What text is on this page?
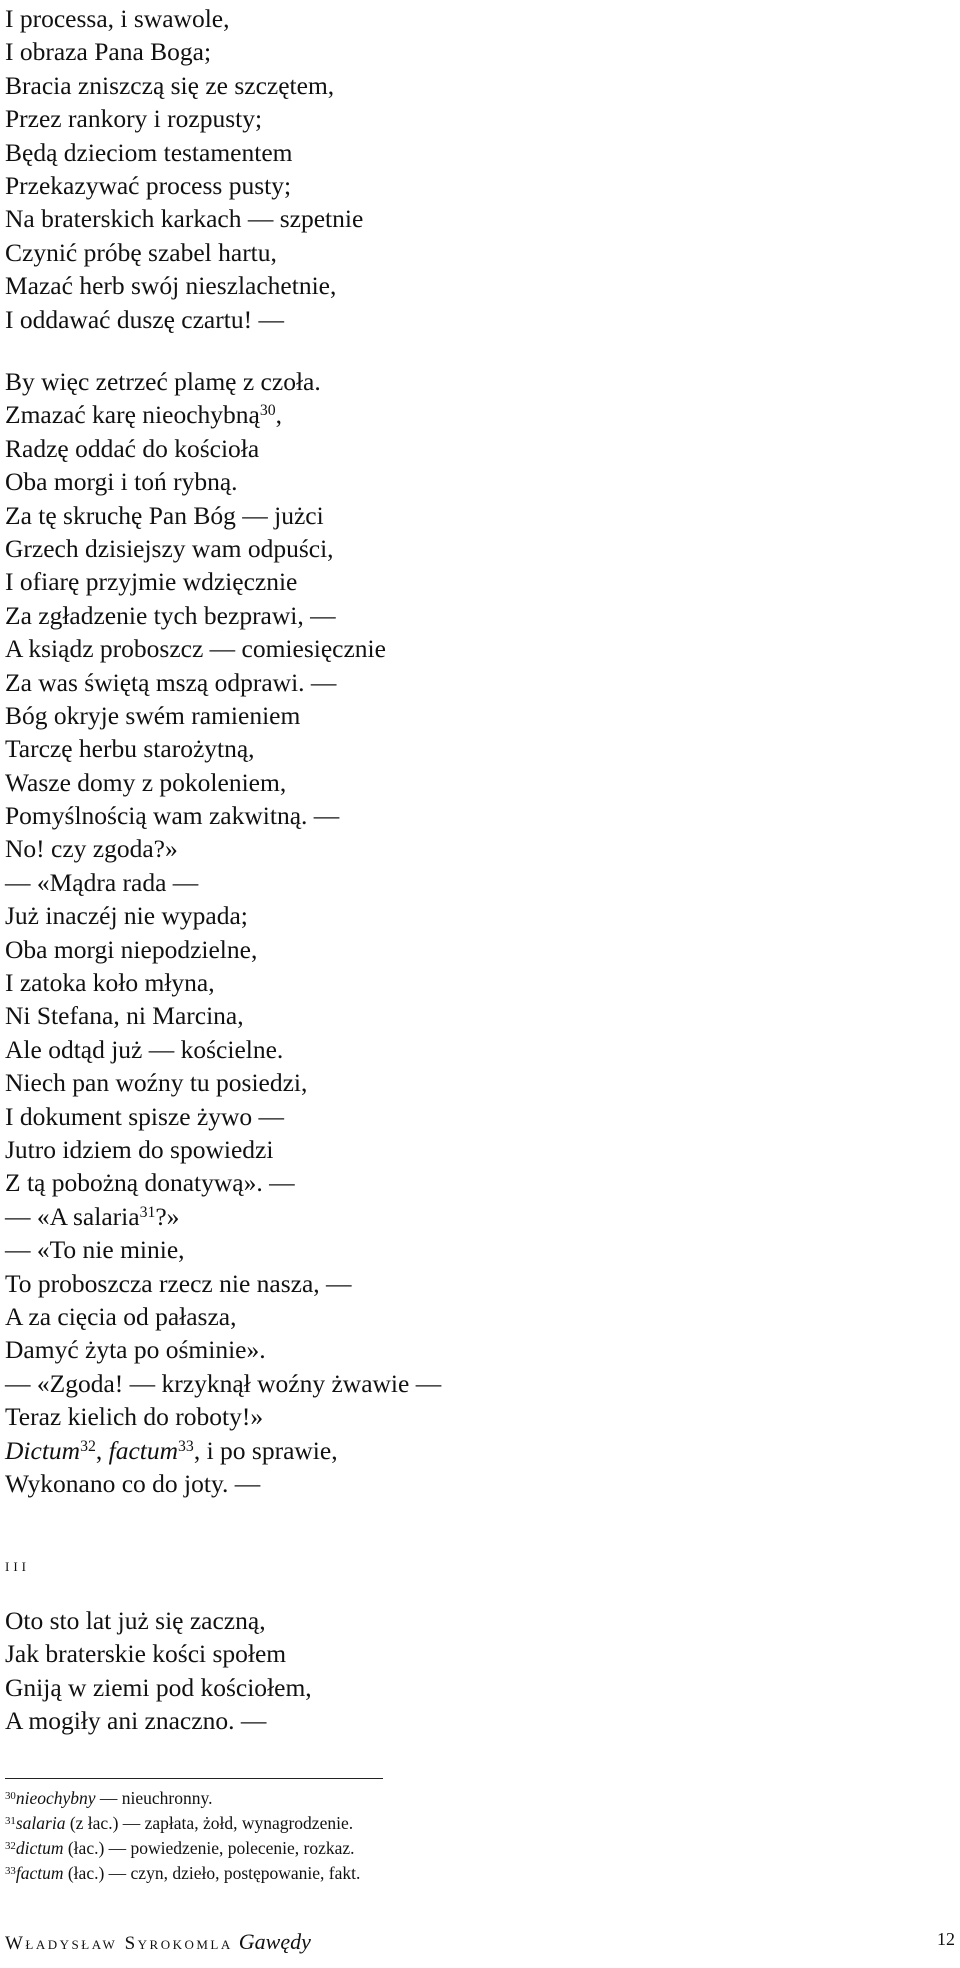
I processa, i swawole,
I obraza Pana Boga;
Bracia zniszczą się ze szczętem,
Przez rankory i rozpusty;
Będą dzieciom testamentem
Przekazywać process pusty;
Na braterskich karkach — szpetnie
Czynić próbę szabel hartu,
Mazać herb swój nieszlachetnie,
I oddawać duszę czartu! —
By więc zetrzeć plamę z czoła.
Zmazać karę nieochybną$^{30}$,
Radzę oddać do kościoła
Oba morgi i toń rybną.
Za tę skruchę Pan Bóg — jużci
Grzech dzisiejszy wam odpuści,
I ofiarę przyjmie wdzięcznie
Za zgładzenie tych bezprawi, —
A ksiądz proboszcz — comiesięcznie
Za was świętą mszą odprawi. —
Bóg okryje swém ramieniem
Tarczę herbu starożytną,
Wasze domy z pokoleniem,
Pomyślnością wam zakwitną. —
No! czy zgoda?»
— «Mądra rada —
Już inaczéj nie wypada;
Oba morgi niepodzielne,
I zatoka koło młyna,
Ni Stefana, ni Marcina,
Ale odtąd już — kościelne.
Niech pan woźny tu posiedzi,
I dokument spisze żywo —
Jutro idziem do spowiedzi
Z tą pobożną donatywą». —
— «A salaria$^{31}$?»
— «To nie minie,
To proboszcza rzecz nie nasza, —
A za cięcia od pałasza,
Damyć żyta po ośminie».
— «Zgoda! — krzyknął woźny żwawie —
Teraz kielich do roboty!»
Dictum$^{32}$, factum$^{33}$, i po sprawie,
Wykonano co do joty. —
iii
Oto sto lat już się zaczną,
Jak braterskie kości społem
Gniją w ziemi pod kościołem,
A mogiły ani znaczno. —
$^{30}$nieochybny — nieuchronny.
$^{31}$salaria (z łac.) — zapłata, żołd, wynagrodzenie.
$^{32}$dictum (łac.) — powiedzenie, polecenie, rozkaz.
$^{33}$factum (łac.) — czyn, dzieło, postępowanie, fakt.
Władysław Syrokomla Gawędy	12
